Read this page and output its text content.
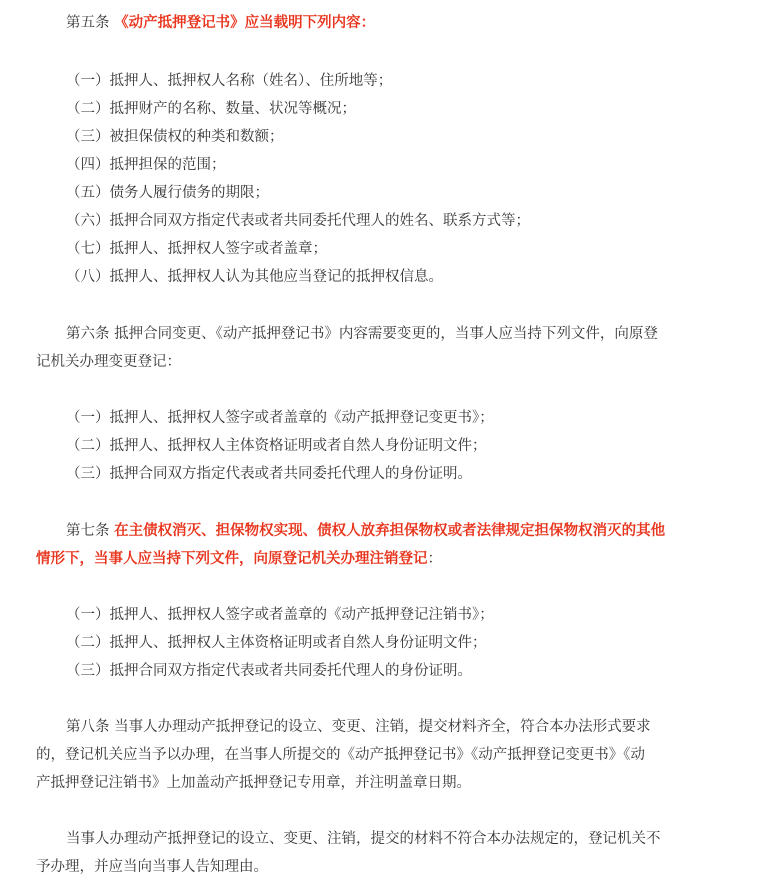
第五条 《动产抵押登记书》应当载明下列内容：
（一）抵押人、抵押权人名称（姓名）、住所地等；
（二）抵押财产的名称、数量、状况等概况；
（三）被担保债权的种类和数额；
（四）抵押担保的范围；
（五）债务人履行债务的期限；
（六）抵押合同双方指定代表或者共同委托代理人的姓名、联系方式等；
（七）抵押人、抵押权人签字或者盖章；
（八）抵押人、抵押权人认为其他应当登记的抵押权信息。
第六条 抵押合同变更、《动产抵押登记书》内容需要变更的，当事人应当持下列文件，向原登
记机关办理变更登记：
（一）抵押人、抵押权人签字或者盖章的《动产抵押登记变更书》；
（二）抵押人、抵押权人主体资格证明或者自然人身份证明文件；
（三）抵押合同双方指定代表或者共同委托代理人的身份证明。
第七条 在主债权消灭、担保物权实现、债权人放弃担保物权或者法律规定担保物权消灭的其他
情形下，当事人应当持下列文件，向原登记机关办理注销登记：
（一）抵押人、抵押权人签字或者盖章的《动产抵押登记注销书》；
（二）抵押人、抵押权人主体资格证明或者自然人身份证明文件；
（三）抵押合同双方指定代表或者共同委托代理人的身份证明。
第八条 当事人办理动产抵押登记的设立、变更、注销，提交材料齐全，符合本办法形式要求
的，登记机关应当予以办理，在当事人所提交的《动产抵押登记书》《动产抵押登记变更书》《动
产抵押登记注销书》上加盖动产抵押登记专用章，并注明盖章日期。
当事人办理动产抵押登记的设立、变更、注销，提交的材料不符合本办法规定的，登记机关不
予办理，并应当向当事人告知理由。
